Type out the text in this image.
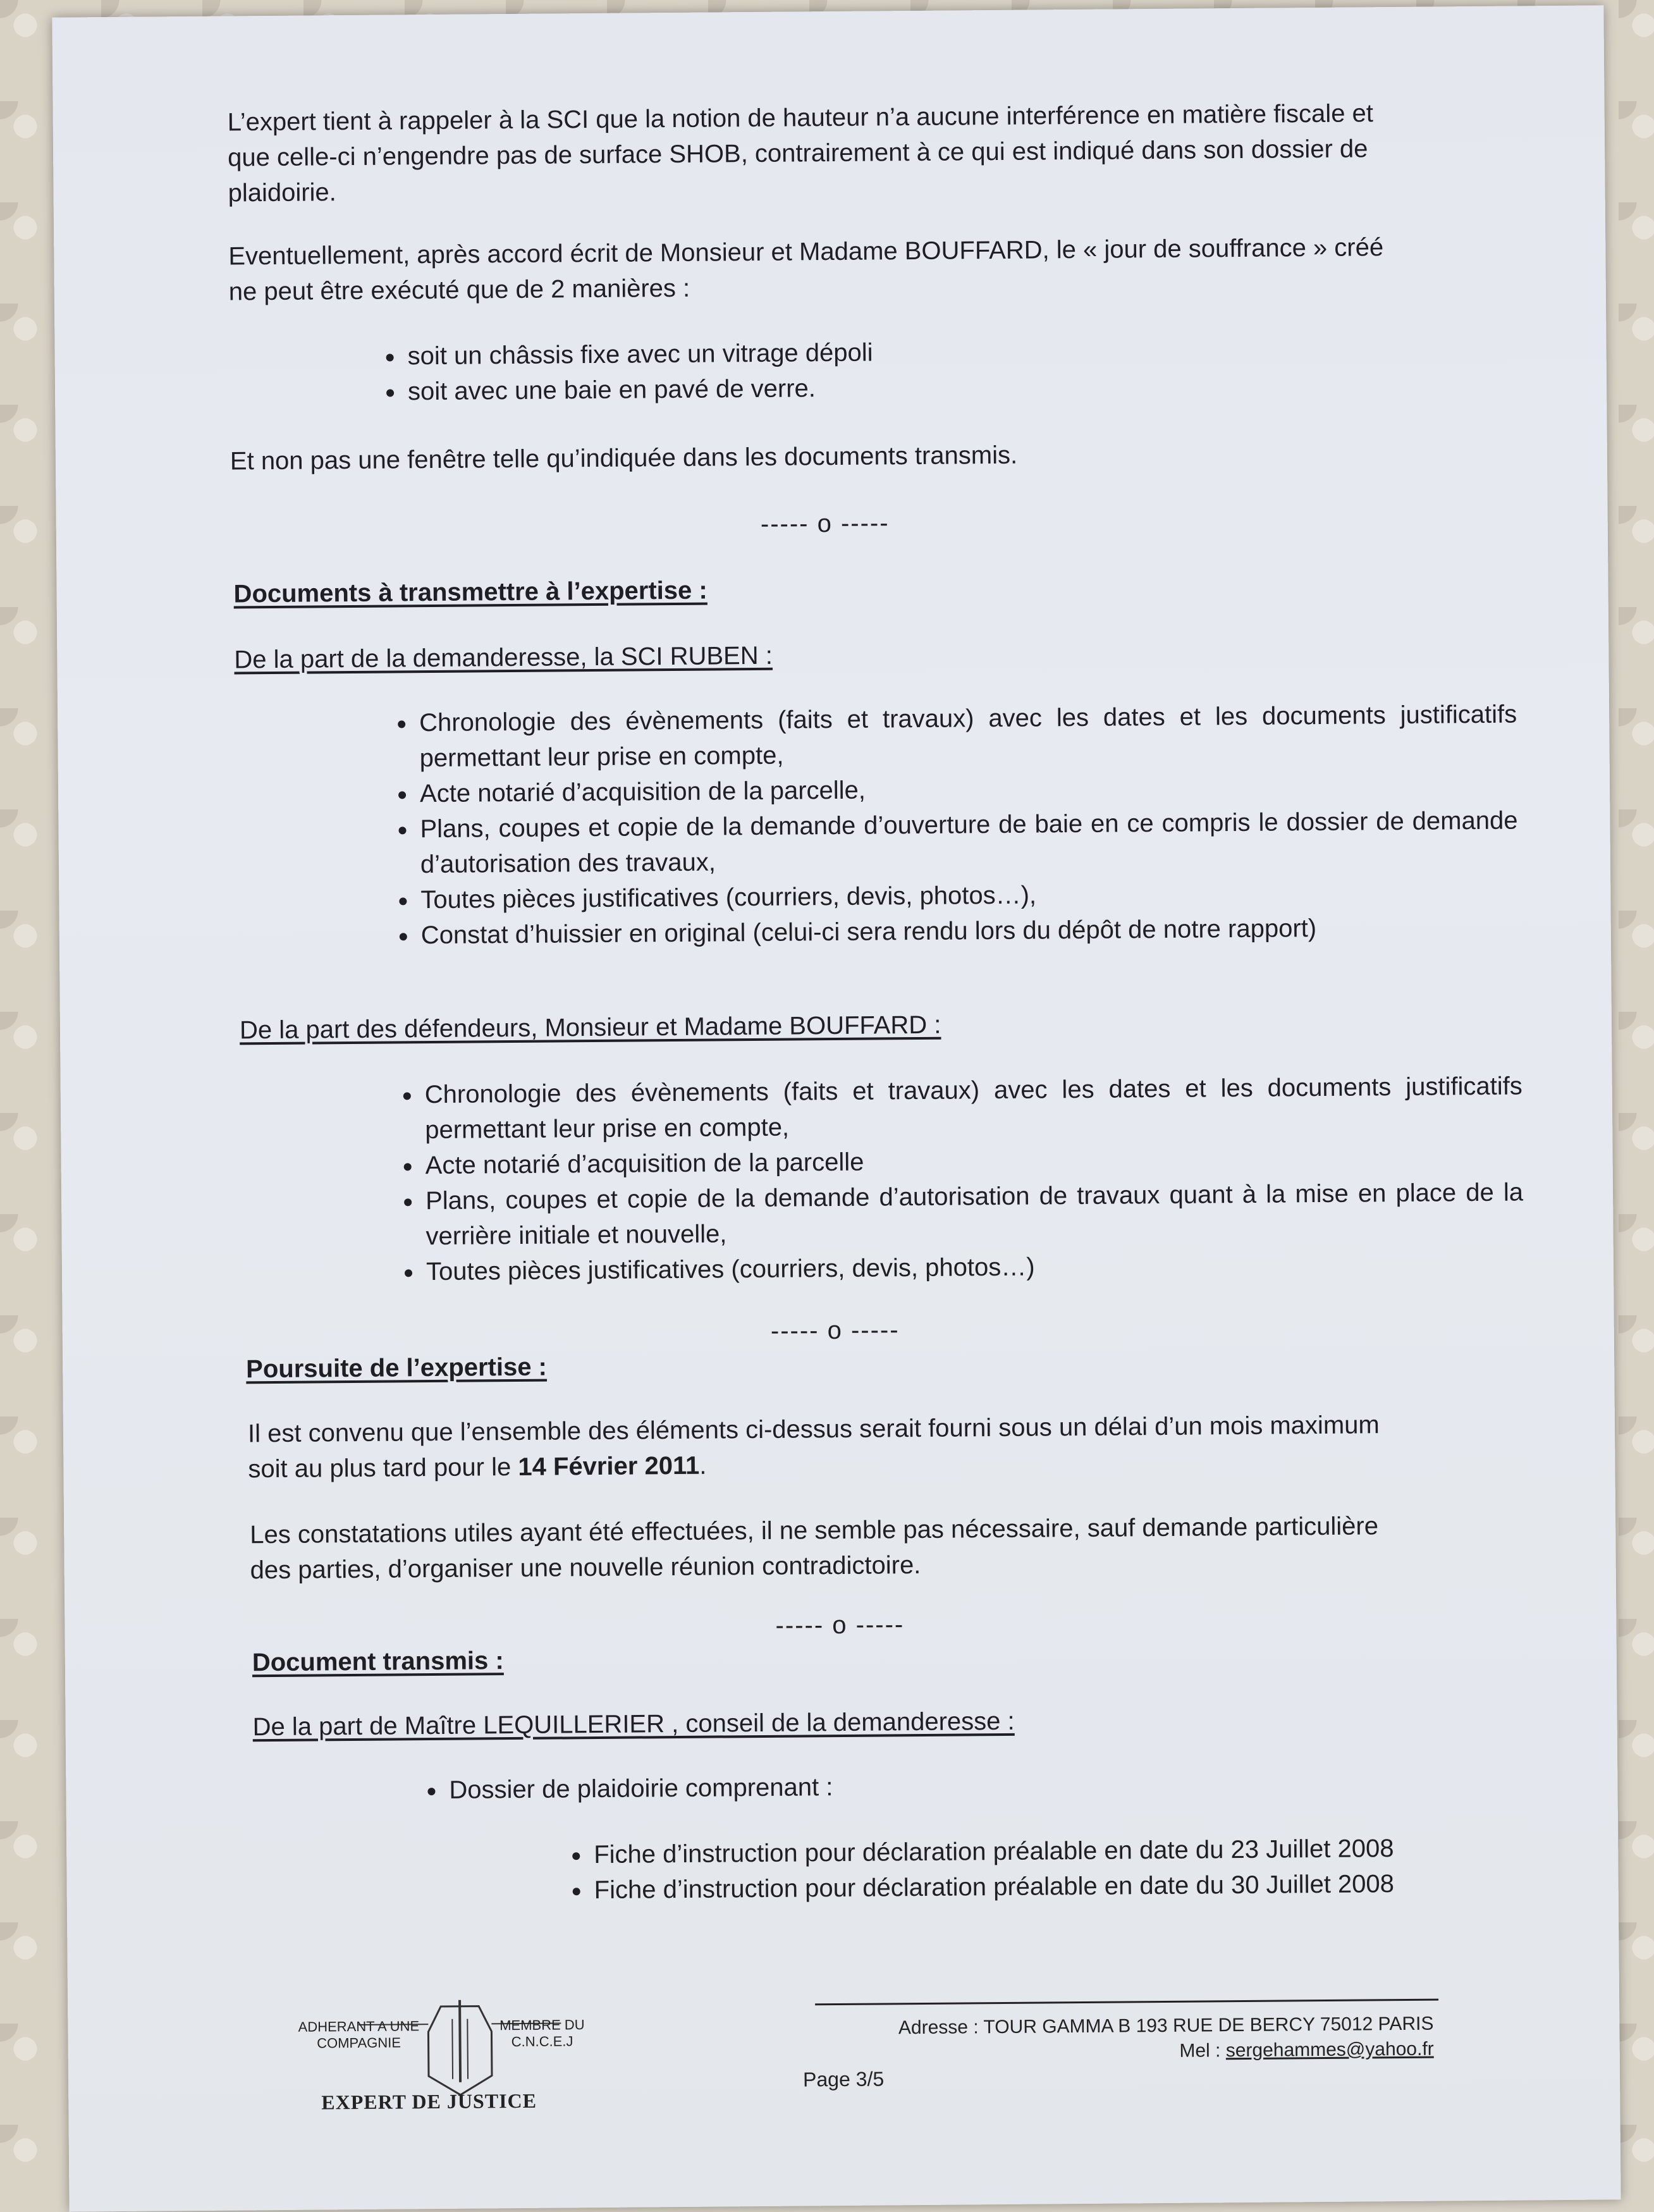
L’expert tient à rappeler à la SCI que la notion de hauteur n’a aucune interférence en matière fiscale et que celle-ci n’engendre pas de surface SHOB, contrairement à ce qui est indiqué dans son dossier de plaidoirie.
Eventuellement, après accord écrit de Monsieur et Madame BOUFFARD, le « jour de souffrance » créé ne peut être exécuté que de 2 manières :
• soit un châssis fixe avec un vitrage dépoli
• soit avec une baie en pavé de verre.
Et non pas une fenêtre telle qu’indiquée dans les documents transmis.
----- o -----
Documents à transmettre à l’expertise :
De la part de la demanderesse, la SCI RUBEN :
• Chronologie des évènements (faits et travaux) avec les dates et les documents justificatifs permettant leur prise en compte,
• Acte notarié d’acquisition de la parcelle,
• Plans, coupes et copie de la demande d’ouverture de baie en ce compris le dossier de demande d’autorisation des travaux,
• Toutes pièces justificatives (courriers, devis, photos…),
• Constat d’huissier en original (celui-ci sera rendu lors du dépôt de notre rapport)
De la part des défendeurs, Monsieur et Madame BOUFFARD :
• Chronologie des évènements (faits et travaux) avec les dates et les documents justificatifs permettant leur prise en compte,
• Acte notarié d’acquisition de la parcelle
• Plans, coupes et copie de la demande d’autorisation de travaux quant à la mise en place de la verrière initiale et nouvelle,
• Toutes pièces justificatives (courriers, devis, photos…)
----- o -----
Poursuite de l’expertise :
Il est convenu que l’ensemble des éléments ci-dessus serait fourni sous un délai d’un mois maximum soit au plus tard pour le 14 Février 2011.
Les constatations utiles ayant été effectuées, il ne semble pas nécessaire, sauf demande particulière des parties, d’organiser une nouvelle réunion contradictoire.
----- o -----
Document transmis :
De la part de Maître LEQUILLERIER , conseil de la demanderesse :
• Dossier de plaidoirie comprenant :
• Fiche d’instruction pour déclaration préalable en date du 23 Juillet 2008
• Fiche d’instruction pour déclaration préalable en date du 30 Juillet 2008
ADHERANT A UNE COMPAGNIE
MEMBRE DU C.N.C.E.J
EXPERT DE JUSTICE
Adresse : TOUR GAMMA B 193 RUE DE BERCY 75012 PARIS
Mel : sergehammes@yahoo.fr
Page 3/5
